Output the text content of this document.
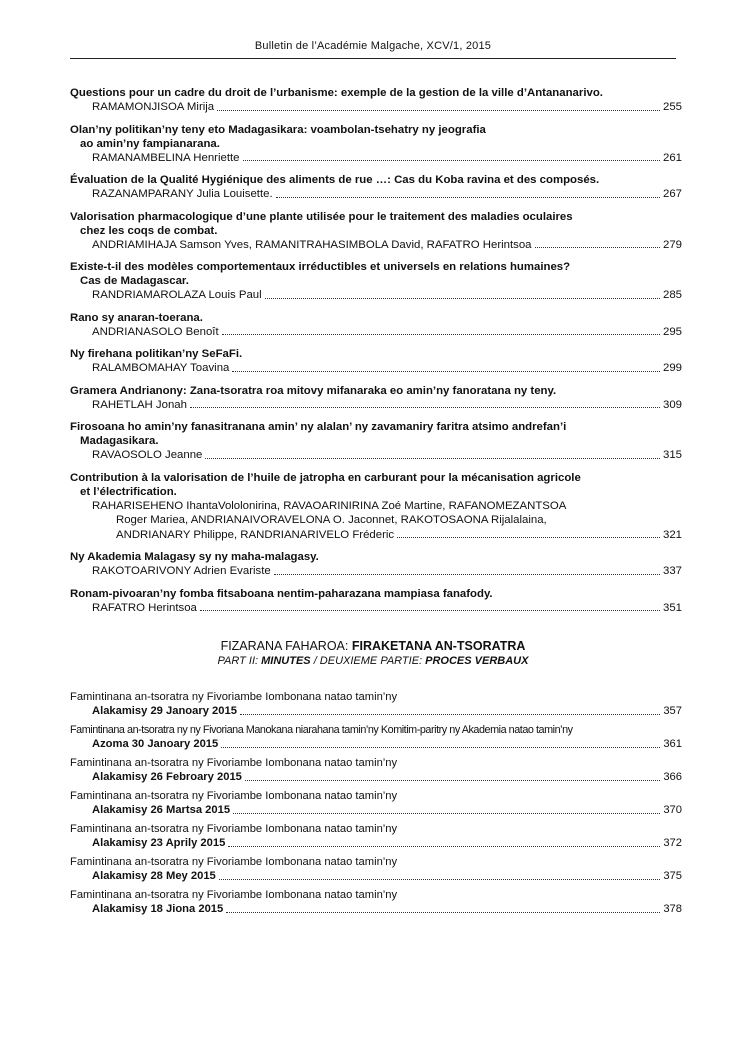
Bulletin de l’Académie Malgache, XCV/1, 2015
Questions pour un cadre du droit de l’urbanisme: exemple de la gestion de la ville d’Antananarivo.
RAMAMONJISOA Mirija	255
Olan’ny politikan’ny teny eto Madagasikara: voambolan-tsehatry ny jeografia
ao amin’ny fampianarana.
RAMANAMBELINA Henriette	261
Évaluation de la Qualité Hygiénique des aliments de rue …: Cas du Koba ravina et des composés.
RAZANAMPARANY Julia Louisette.	267
Valorisation pharmacologique d’une plante utilisée pour le traitement des maladies oculaires
chez les coqs de combat.
ANDRIAMIHAJA Samson Yves, RAMANITRAHASIMBOLA David, RAFATRO Herintsoa	279
Existe-t-il des modèles comportementaux irréductibles et universels en relations humaines?
Cas de Madagascar.
RANDRIAMAROLAZA Louis Paul	285
Rano sy anaran-toerana.
ANDRIANASOLO Benoît	295
Ny firehana politikan’ny SeFaFi.
RALAMBOMAHAY Toavina	299
Gramera Andrianony: Zana-tsoratra roa mitovy mifanaraka eo amin’ny fanoratana ny teny.
RAHETLAH Jonah	309
Firosoana ho amin’ny fanasitranana amin’ ny alalan’ ny zavamaniry faritra atsimo andrefan’i
Madagasikara.
RAVAOSOLO Jeanne	315
Contribution à la valorisation de l’huile de jatropha en carburant pour la mécanisation agricole
et l’électrification.
RAHARISEHENO IhantaVololonirina, RAVAOARINIRINA Zoé Martine, RAFANOMEZANTSOA
Roger Mariea, ANDRIANAIVORAVELONA O. Jaconnet, RAKOTOSAONA Rijalalaina,
ANDRIANARY Philippe, RANDRIANARIVELO Fréderic	321
Ny Akademia Malagasy sy ny maha-malagasy.
RAKOTOARIVONY Adrien Evariste	337
Ronam-pivoaran’ny fomba fitsaboana nentim-paharazana mampiasa fanafody.
RAFATRO Herintsoa	351
FIZARANA FAHAROA: FIRAKETANA AN-TSORATRA
PART II: MINUTES / DEUXIEME PARTIE: PROCES VERBAUX
Famintinana an-tsoratra ny Fivoriambe Iombonana natao tamin’ny
Alakamisy 29 Janoary 2015	357
Famintinana an-tsoratra ny ny Fivoriana Manokana niarahana tamin’ny Komitim-paritry ny Akademia natao tamin’ny
Azoma 30 Janoary 2015	361
Famintinana an-tsoratra ny Fivoriambe Iombonana natao tamin’ny
Alakamisy 26 Febroary 2015	366
Famintinana an-tsoratra ny Fivoriambe Iombonana natao tamin’ny
Alakamisy 26 Martsa 2015	370
Famintinana an-tsoratra ny Fivoriambe Iombonana natao tamin’ny
Alakamisy 23 Aprily 2015	372
Famintinana an-tsoratra ny Fivoriambe Iombonana natao tamin’ny
Alakamisy 28 Mey 2015	375
Famintinana an-tsoratra ny Fivoriambe Iombonana natao tamin’ny
Alakamisy 18 Jiona 2015	378
